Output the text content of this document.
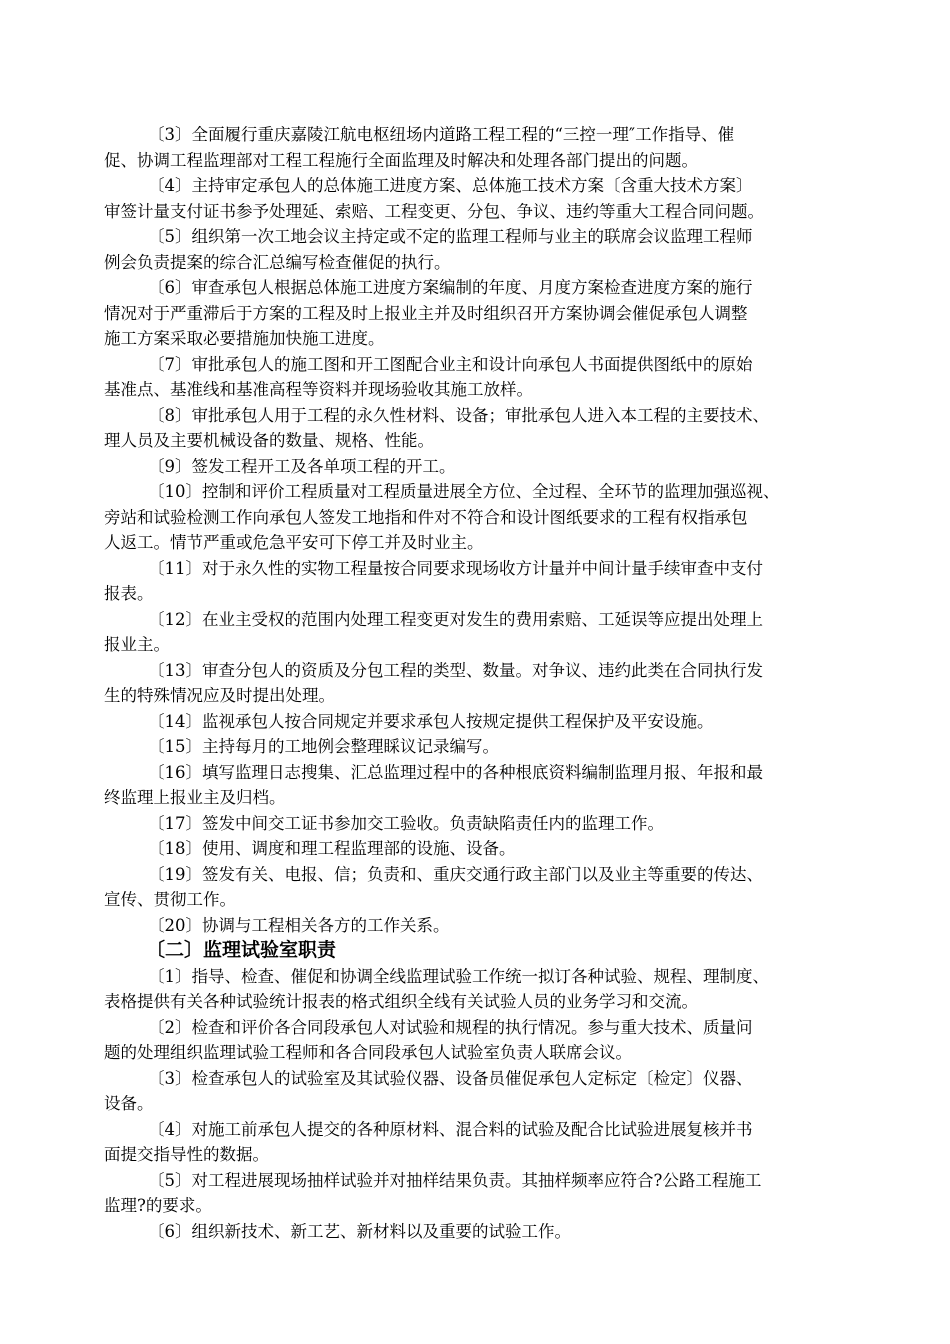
〔3〕全面履行重庆嘉陵江航电枢纽场内道路工程工程的“三控一理″工作指导、催
促、协调工程监理部对工程工程施行全面监理及时解决和处理各部门提出的问题。

〔4〕主持审定承包人的总体施工进度方案、总体施工技术方案〔含重大技术方案〕
审签计量支付证书参予处理延、索赔、工程变更、分包、争议、违约等重大工程合同问题。

〔5〕组织第一次工地会议主持定或不定的监理工程师与业主的联席会议监理工程师
例会负责提案的综合汇总编写检查催促的执行。

〔6〕审查承包人根据总体施工进度方案编制的年度、月度方案检查进度方案的施行
情况对于严重滞后于方案的工程及时上报业主并及时组织召开方案协调会催促承包人调整
施工方案采取必要措施加快施工进度。

〔7〕审批承包人的施工图和开工图配合业主和设计向承包人书面提供图纸中的原始
基准点、基准线和基准高程等资料并现场验收其施工放样。

〔8〕审批承包人用于工程的永久性材料、设备；审批承包人进入本工程的主要技术、
理人员及主要机械设备的数量、规格、性能。

〔9〕签发工程开工及各单项工程的开工。

〔10〕控制和评价工程质量对工程质量进展全方位、全过程、全环节的监理加强巡视、
旁站和试验检测工作向承包人签发工地指和件对不符合和设计图纸要求的工程有权指承包
人返工。情节严重或危急平安可下停工并及时业主。

〔11〕对于永久性的实物工程量按合同要求现场收方计量并中间计量手续审查中支付
报表。

〔12〕在业主受权的范围内处理工程变更对发生的费用索赔、工延误等应提出处理上
报业主。

〔13〕审查分包人的资质及分包工程的类型、数量。对争议、违约此类在合同执行发
生的特殊情况应及时提出处理。

〔14〕监视承包人按合同规定并要求承包人按规定提供工程保护及平安设施。

〔15〕主持每月的工地例会整理睬议记录编写。

〔16〕填写监理日志搜集、汇总监理过程中的各种根底资料编制监理月报、年报和最
终监理上报业主及归档。

〔17〕签发中间交工证书参加交工验收。负责缺陷责任内的监理工作。

〔18〕使用、调度和理工程监理部的设施、设备。

〔19〕签发有关、电报、信；负责和、重庆交通行政主部门以及业主等重要的传达、
宣传、贯彻工作。

〔20〕协调与工程相关各方的工作关系。

〔二〕监理试验室职责

〔1〕指导、检查、催促和协调全线监理试验工作统一拟订各种试验、规程、理制度、
表格提供有关各种试验统计报表的格式组织全线有关试验人员的业务学习和交流。

〔2〕检查和评价各合同段承包人对试验和规程的执行情况。参与重大技术、质量问
题的处理组织监理试验工程师和各合同段承包人试验室负责人联席会议。

〔3〕检查承包人的试验室及其试验仪器、设备员催促承包人定标定〔检定〕仪器、
设备。

〔4〕对施工前承包人提交的各种原材料、混合料的试验及配合比试验进展复核并书
面提交指导性的数据。

〔5〕对工程进展现场抽样试验并对抽样结果负责。其抽样频率应符合?公路工程施工
监理?的要求。

〔6〕组织新技术、新工艺、新材料以及重要的试验工作。
